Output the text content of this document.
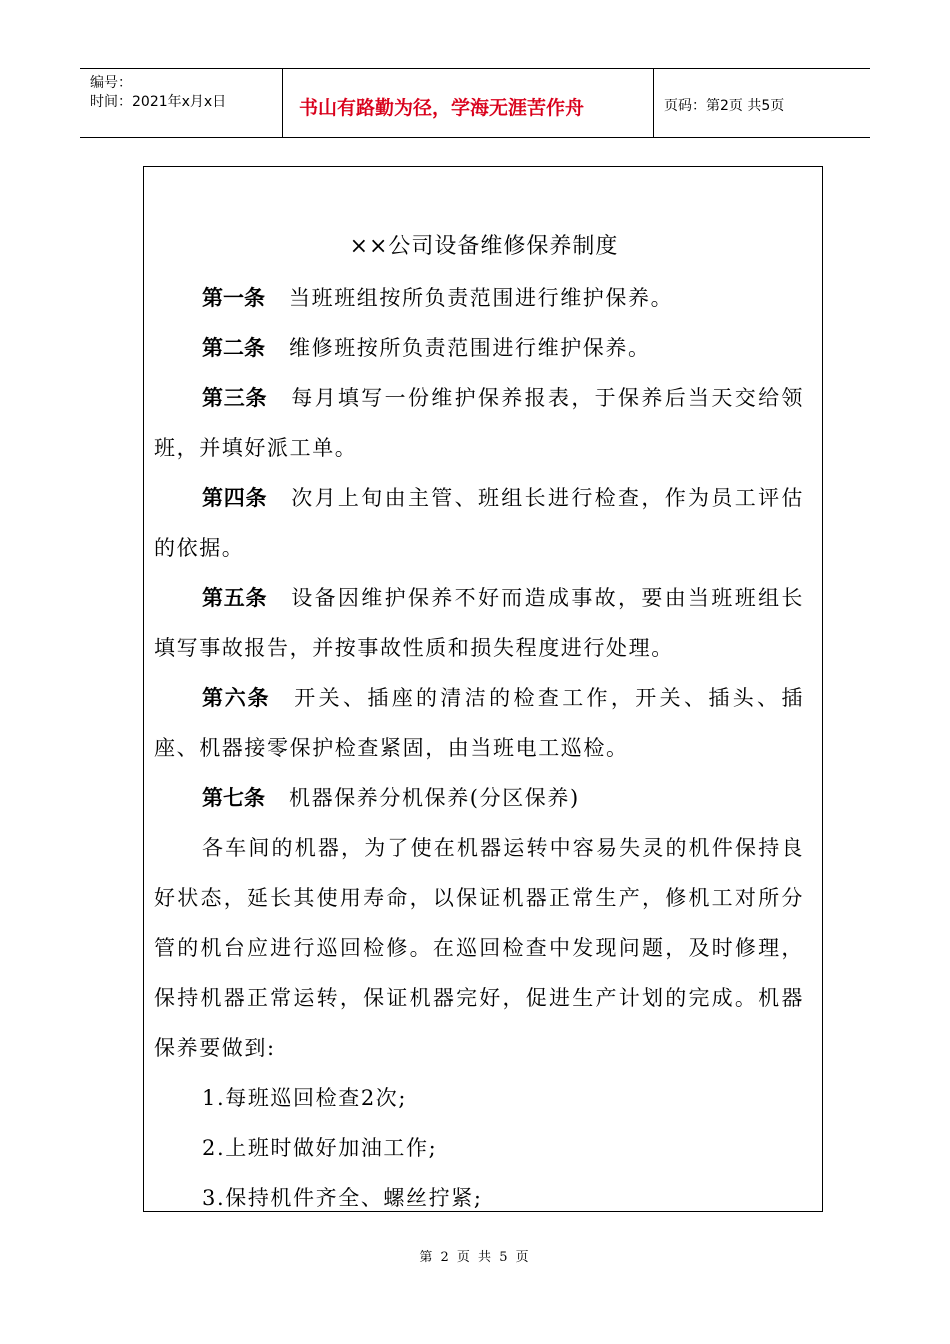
编号：
时间：2021年x月x日	书山有路勤为径，学海无涯苦作舟	页码：第2页 共5页
××公司设备维修保养制度

第一条 当班班组按所负责范围进行维护保养。

第二条 维修班按所负责范围进行维护保养。

第三条 每月填写一份维护保养报表，于保养后当天交给领班，并填好派工单。

第四条 次月上旬由主管、班组长进行检查，作为员工评估的依据。

第五条 设备因维护保养不好而造成事故，要由当班班组长填写事故报告，并按事故性质和损失程度进行处理。

第六条 开关、插座的清洁的检查工作，开关、插头、插座、机器接零保护检查紧固，由当班电工巡检。

第七条 机器保养分机保养(分区保养)

各车间的机器，为了使在机器运转中容易失灵的机件保持良好状态，延长其使用寿命，以保证机器正常生产，修机工对所分管的机台应进行巡回检修。在巡回检查中发现问题，及时修理，保持机器正常运转，保证机器完好，促进生产计划的完成。机器保养要做到:

1.每班巡回检查2次;

2.上班时做好加油工作;

3.保持机件齐全、螺丝拧紧;

第 2 页 共 5 页
